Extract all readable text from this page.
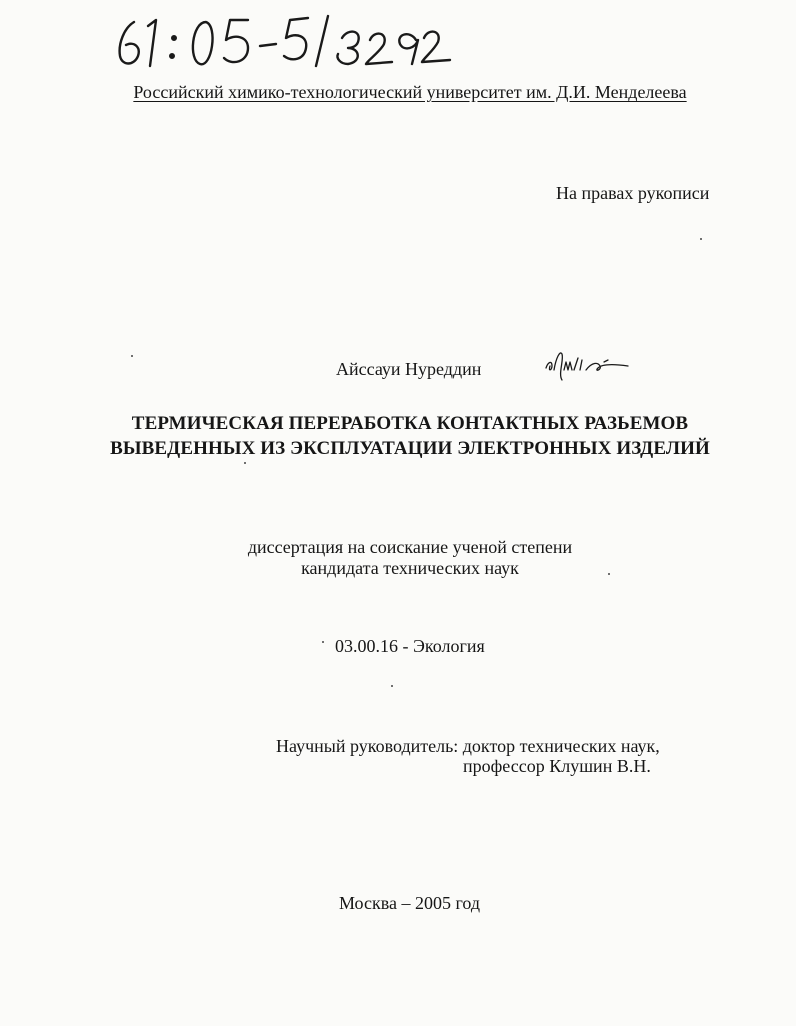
Российский химико-технологический университет им. Д.И. Менделеева
На правах рукописи
Айссауи Нуреддин
ТЕРМИЧЕСКАЯ ПЕРЕРАБОТКА КОНТАКТНЫХ РАЗЬЕМОВ
ВЫВЕДЕННЫХ ИЗ ЭКСПЛУАТАЦИИ ЭЛЕКТРОННЫХ ИЗДЕЛИЙ
диссертация на соискание ученой степени
кандидата технических наук
03.00.16 - Экология
Научный руководитель: доктор технических наук,
профессор Клушин В.Н.
Москва – 2005 год
